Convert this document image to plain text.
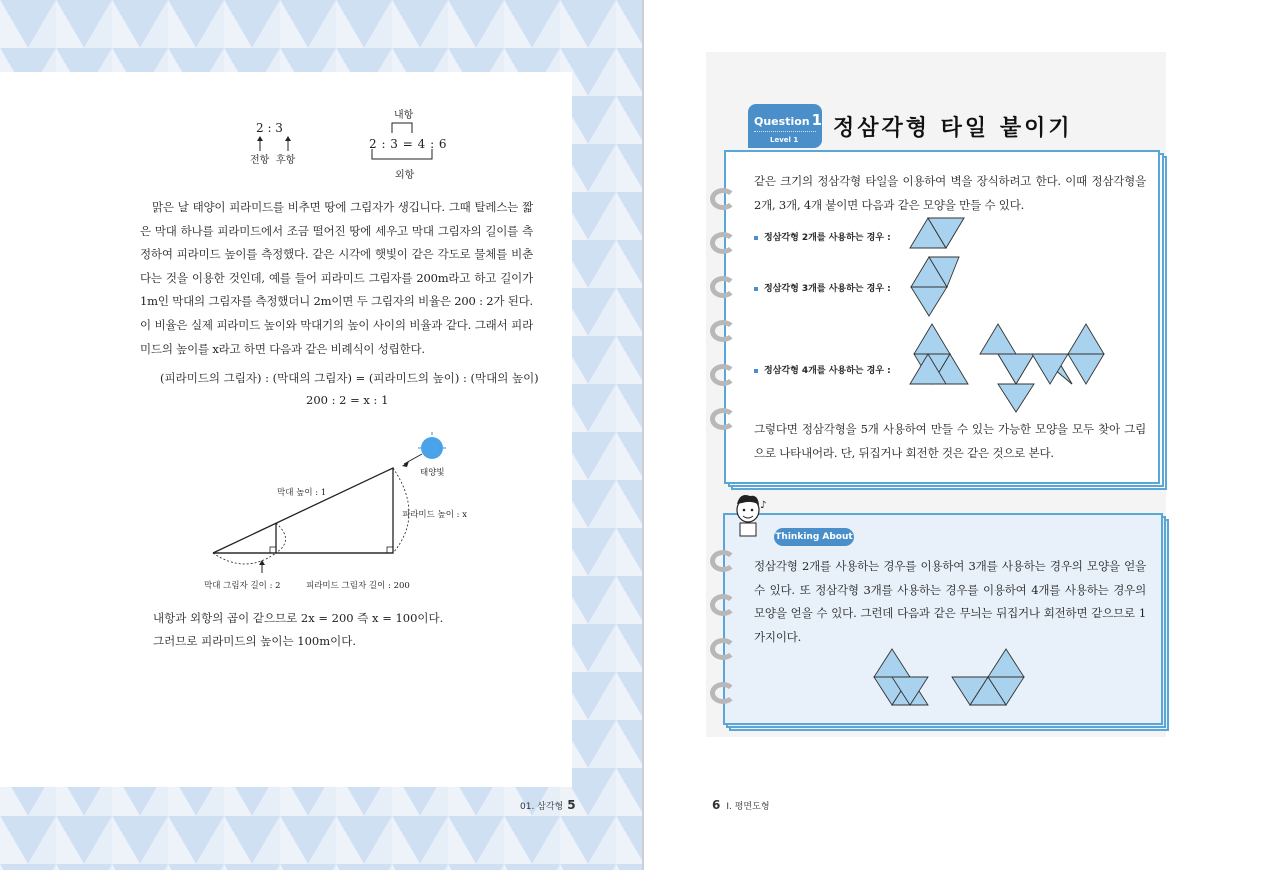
2 : 3
전항 후항
내항
2 : 3 = 4 : 6
외항

맑은 날 태양이 피라미드를 비추면 땅에 그림자가 생깁니다. 그때 탈레스는 짧은 막대 하나를 피라미드에서 조금 떨어진 땅에 세우고 막대 그림자의 길이를 측정하여 피라미드 높이를 측정했다. 같은 시각에 햇빛이 같은 각도로 물체를 비춘다는 것을 이용한 것인데, 예를 들어 피라미드 그림자를 200m라고 하고 길이가 1m인 막대의 그림자를 측정했더니 2m이면 두 그림자의 비율은 200 : 2가 된다. 이 비율은 실제 피라미드 높이와 막대기의 높이 사이의 비율과 같다. 그래서 피라미드의 높이를 x라고 하면 다음과 같은 비례식이 성립한다.

(피라미드의 그림자) : (막대의 그림자) = (피라미드의 높이) : (막대의 높이)
200 : 2 = x : 1
태양빛
막대 높이 : 1
피라미드 높이 : x
막대 그림자 길이 : 2	피라미드 그림자 길이 : 200
내항과 외항의 곱이 같으므로 2x = 200 즉 x = 100이다.
그러므로 피라미드의 높이는 100m이다.
01. 삼각형 5
Question 1
Level 1 정삼각형 타일 붙이기
같은 크기의 정삼각형 타일을 이용하여 벽을 장식하려고 한다. 이때 정삼각형을 2개, 3개, 4개 붙이면 다음과 같은 모양을 만들 수 있다.
정삼각형 2개를 사용하는 경우 :
정삼각형 3개를 사용하는 경우 :
정삼각형 4개를 사용하는 경우 :
그렇다면 정삼각형을 5개 사용하여 만들 수 있는 가능한 모양을 모두 찾아 그림으로 나타내어라. 단, 뒤집거나 회전한 것은 같은 것으로 본다.
♪
Thinking About
정삼각형 2개를 사용하는 경우를 이용하여 3개를 사용하는 경우의 모양을 얻을 수 있다. 또 정삼각형 3개를 사용하는 경우를 이용하여 4개를 사용하는 경우의 모양을 얻을 수 있다. 그런데 다음과 같은 무늬는 뒤집거나 회전하면 같으므로 1가지이다.
6 I. 평면도형
